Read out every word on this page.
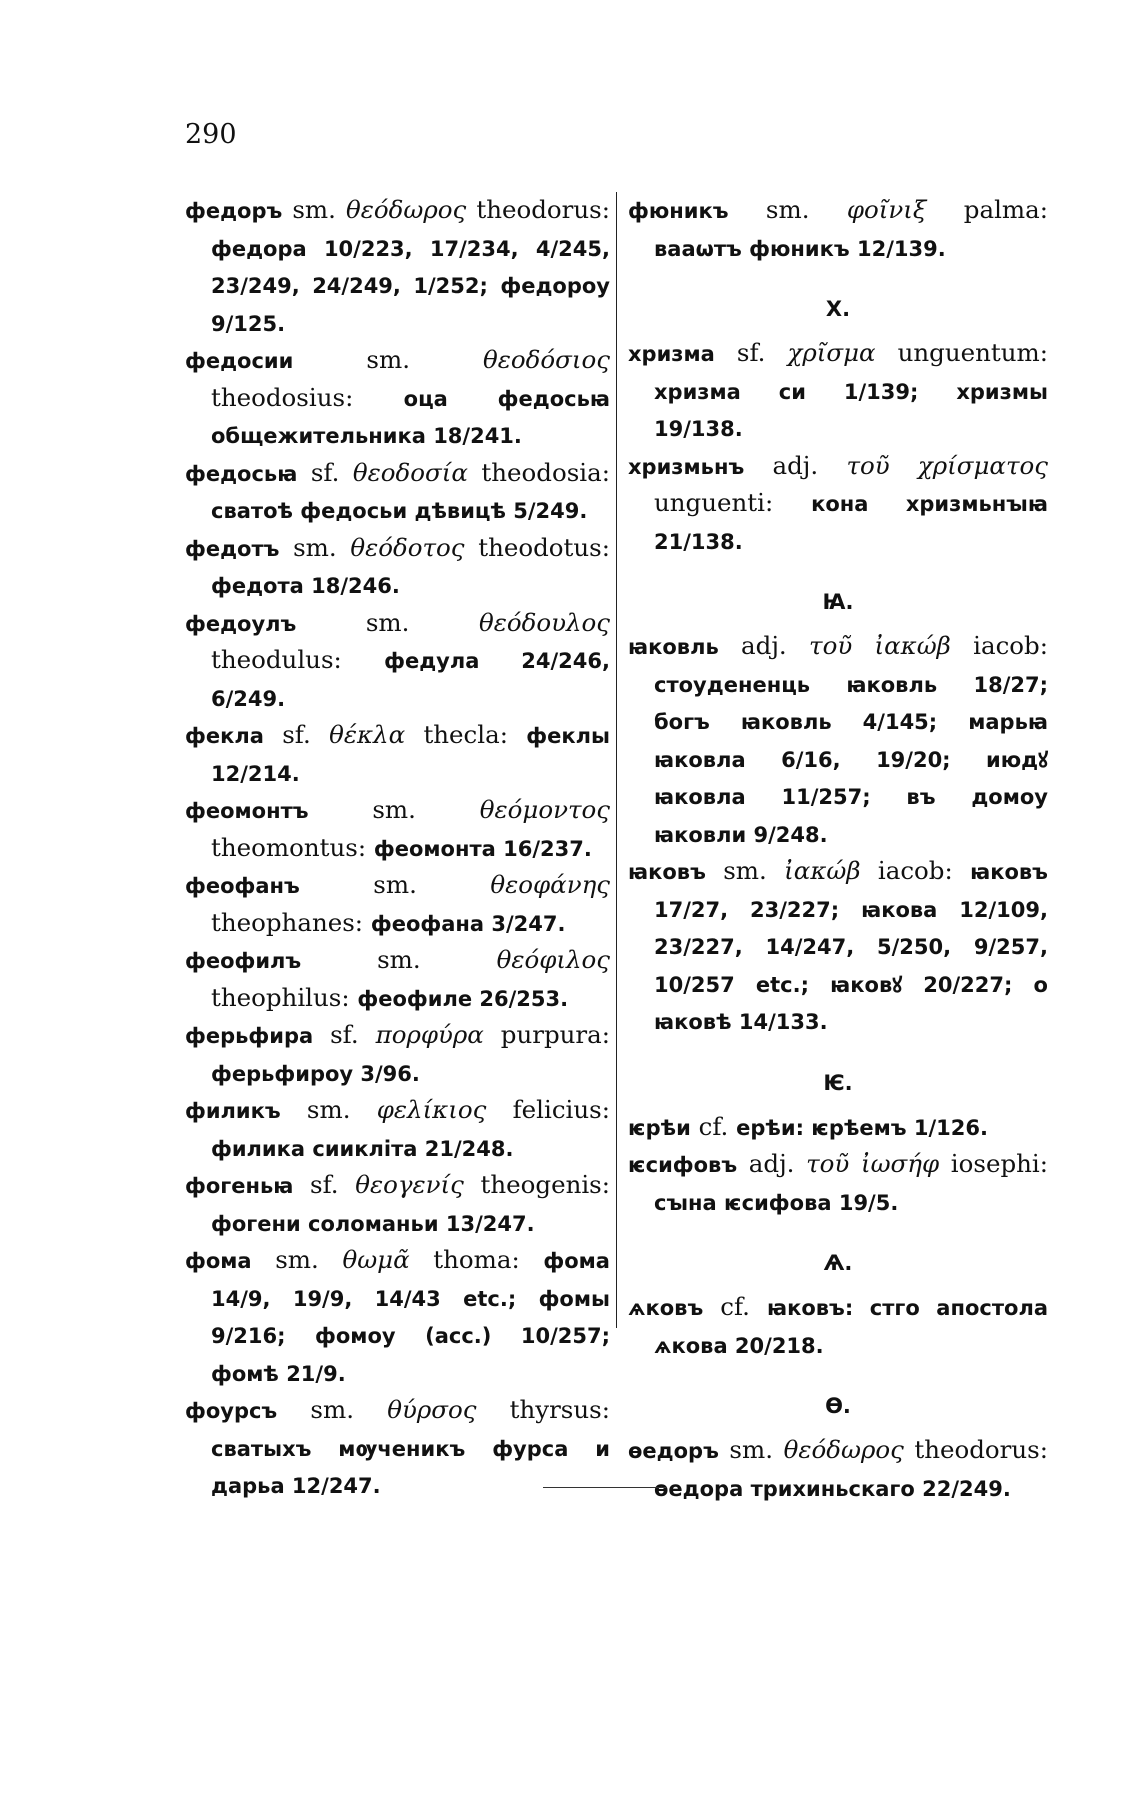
290

федоръ sm. θεόδωρος theodorus: федора 10/223, 17/234, 4/245, 23/249, 24/249, 1/252; федороу 9/125.

федосии	sm.	θεοδόσιος theodosius: оца федосьꙗ общежительника 18/241.

федосьꙗ sf. θεοδοσία theodosia: сватоѣ федосьи дѣвицѣ 5/249.

федотъ sm. θεόδοτος theodotus: федота 18/246.

федоулъ	sm.	θεόδουλος theodulus: федула 24/246, 6/249.

фекла sf. θέκλα thecla: феклы 12/214.

феомонтъ	sm.	θεόμοντος theomontus: феомонта 16/237.

феофанъ	sm.	θεοφάνης theophanes: феофана 3/247.

феофилъ	sm.	θεόφιλος theophilus: феофиле 26/253.

ферьфира sf. πορφύρα purpura: ферьфироу 3/96.

филикъ sm. φελίκιος felicius: филика сиикліта 21/248.

фогеньꙗ sf. θεογενίς theogenis: фогени соломаньи 13/247.

фома sm. θωμᾶ thoma: фома 14/9, 19/9, 14/43 etc.; фомы 9/216; фомоу (acc.) 10/257; фомѣ 21/9.

фоурсъ sm. θύρσος thyrsus: сватыхъ мѹченикъ фурса и дарьа 12/247.

фюникъ sm. φοῖνιξ palma: вааѡтъ фюникъ 12/139.

Х.

хризма sf. χρῖσμα unguentum: хризма си 1/139; хризмы 19/138.

хризмьнъ adj. τοῦ χρίσματος unguenti: кона хризмьнꙑꙗ 21/138.

Ꙗ.

ꙗковль adj. τοῦ ἰακώβ iacob: стоудененць ꙗковль 18/27; богъ ꙗковль 4/145; марьꙗ ꙗковла 6/16, 19/20; июдꙋ ꙗковла 11/257; въ домоу ꙗковли 9/248.

ꙗковъ sm. ἰακώβ iacob: ꙗковъ 17/27, 23/227; ꙗкова 12/109, 23/227, 14/247, 5/250, 9/257, 10/257 etc.; ꙗковꙋ 20/227; о ꙗковѣ 14/133.

Ѥ.

ѥрѣи cf. ерѣи: ѥрѣемъ 1/126.

ѥсифовъ adj. τοῦ ἰωσήφ iosephi: сꙑна ѥсифова 19/5.

Ѧ.

ѧковъ cf. ꙗковъ: стго апостола ѧкова 20/218.

Ѳ.

ѳедоръ sm. θεόδωρος theodorus: ѳедора трихиньскаго 22/249.
